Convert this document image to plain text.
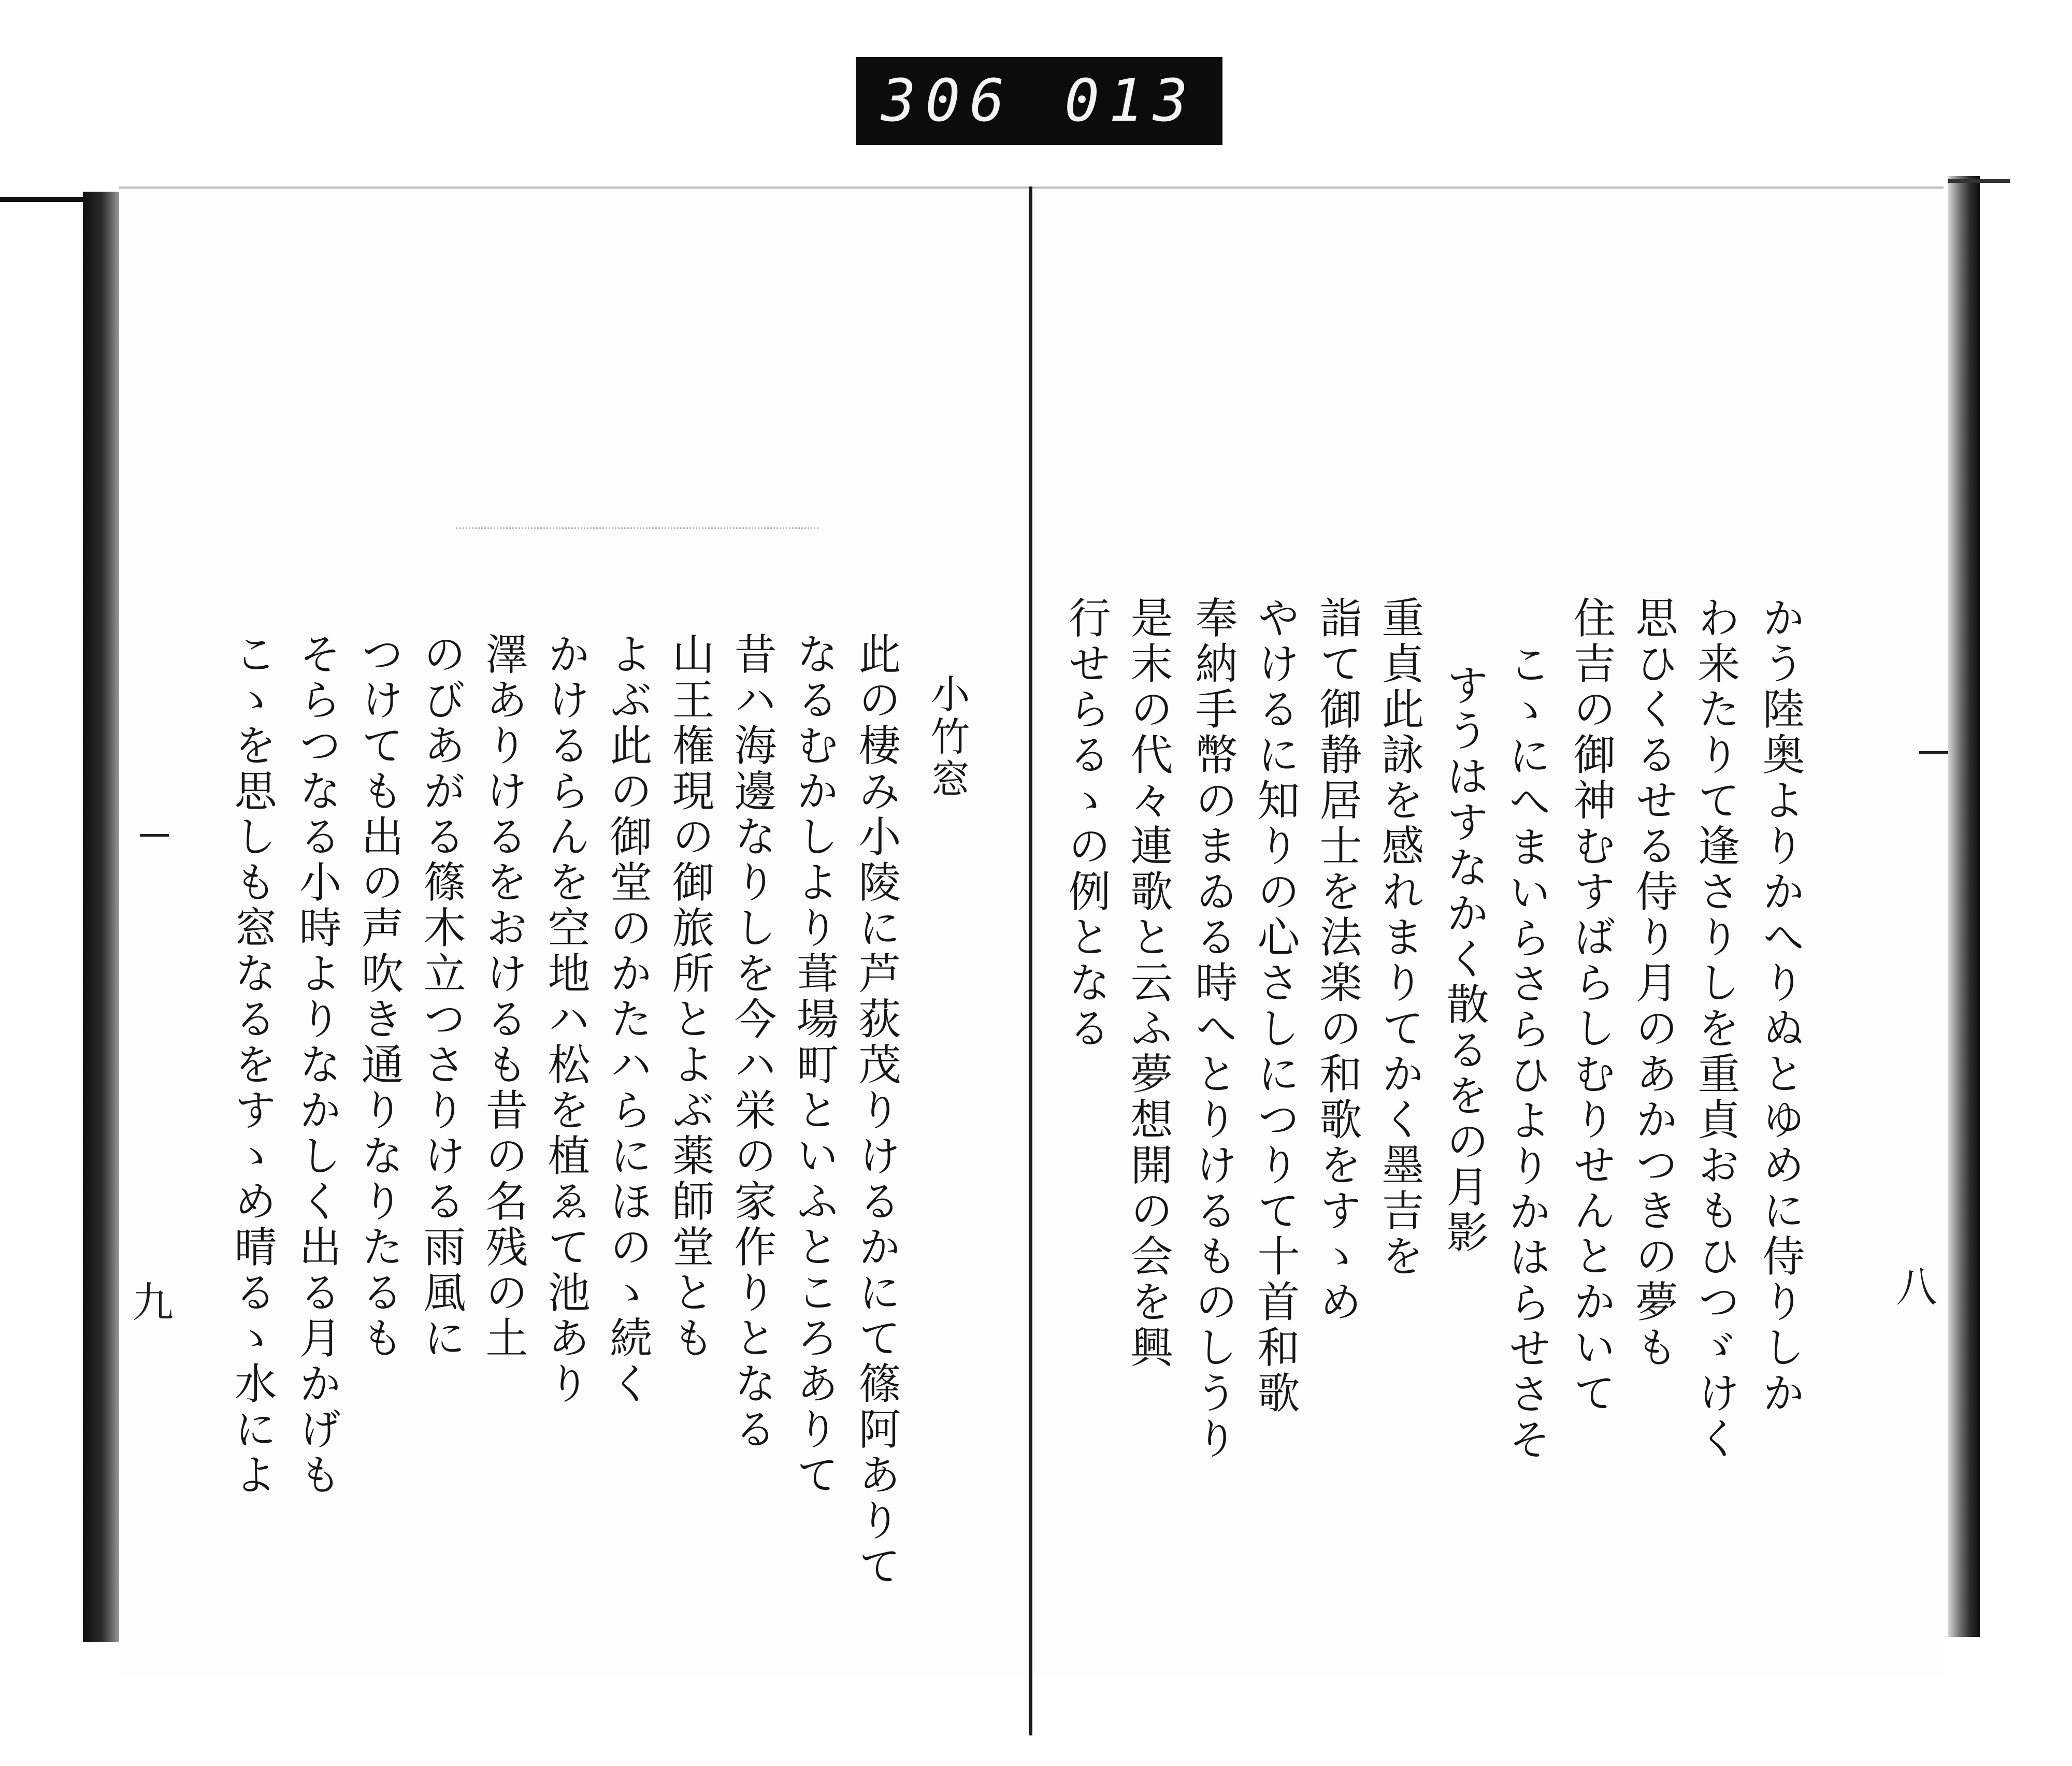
306 013
かう陸奥よりかへりぬとゆめに侍りしか
わ来たりて逢さりしを重貞おもひつゞけく
思ひくるせる侍り月のあかつきの夢も
住吉の御神むすばらしむりせんとかいて
こゝにへまいらさらひよりかはらせさそ
すうはすなかく散るをの月影
重貞此詠を感れまりてかく墨吉を
詣て御静居士を法楽の和歌をすゝめ
やけるに知りの心さしにつりて十首和歌
奉納手幣のまゐる時へとりけるものしうり
是末の代々連歌と云ふ夢想開の会を興
行せらるゝの例となる
八
小竹窓
此の棲み小陵に芦荻茂りけるかにて篠阿ありて
なるむかしより葺場町といふところありて
昔ハ海邊なりしを今ハ栄の家作りとなる
山王権現の御旅所とよぶ薬師堂とも
よぶ此の御堂のかたハらにほのゝ続く
かけるらんを空地ハ松を植ゑて池あり
澤ありけるをおけるも昔の名残の土
のびあがる篠木立つさりける雨風に
つけても出の声吹き通りなりたるも
そらつなる小時よりなかしく出る月かげも
こゝを思しも窓なるをすゝめ晴るゝ水によ
九
